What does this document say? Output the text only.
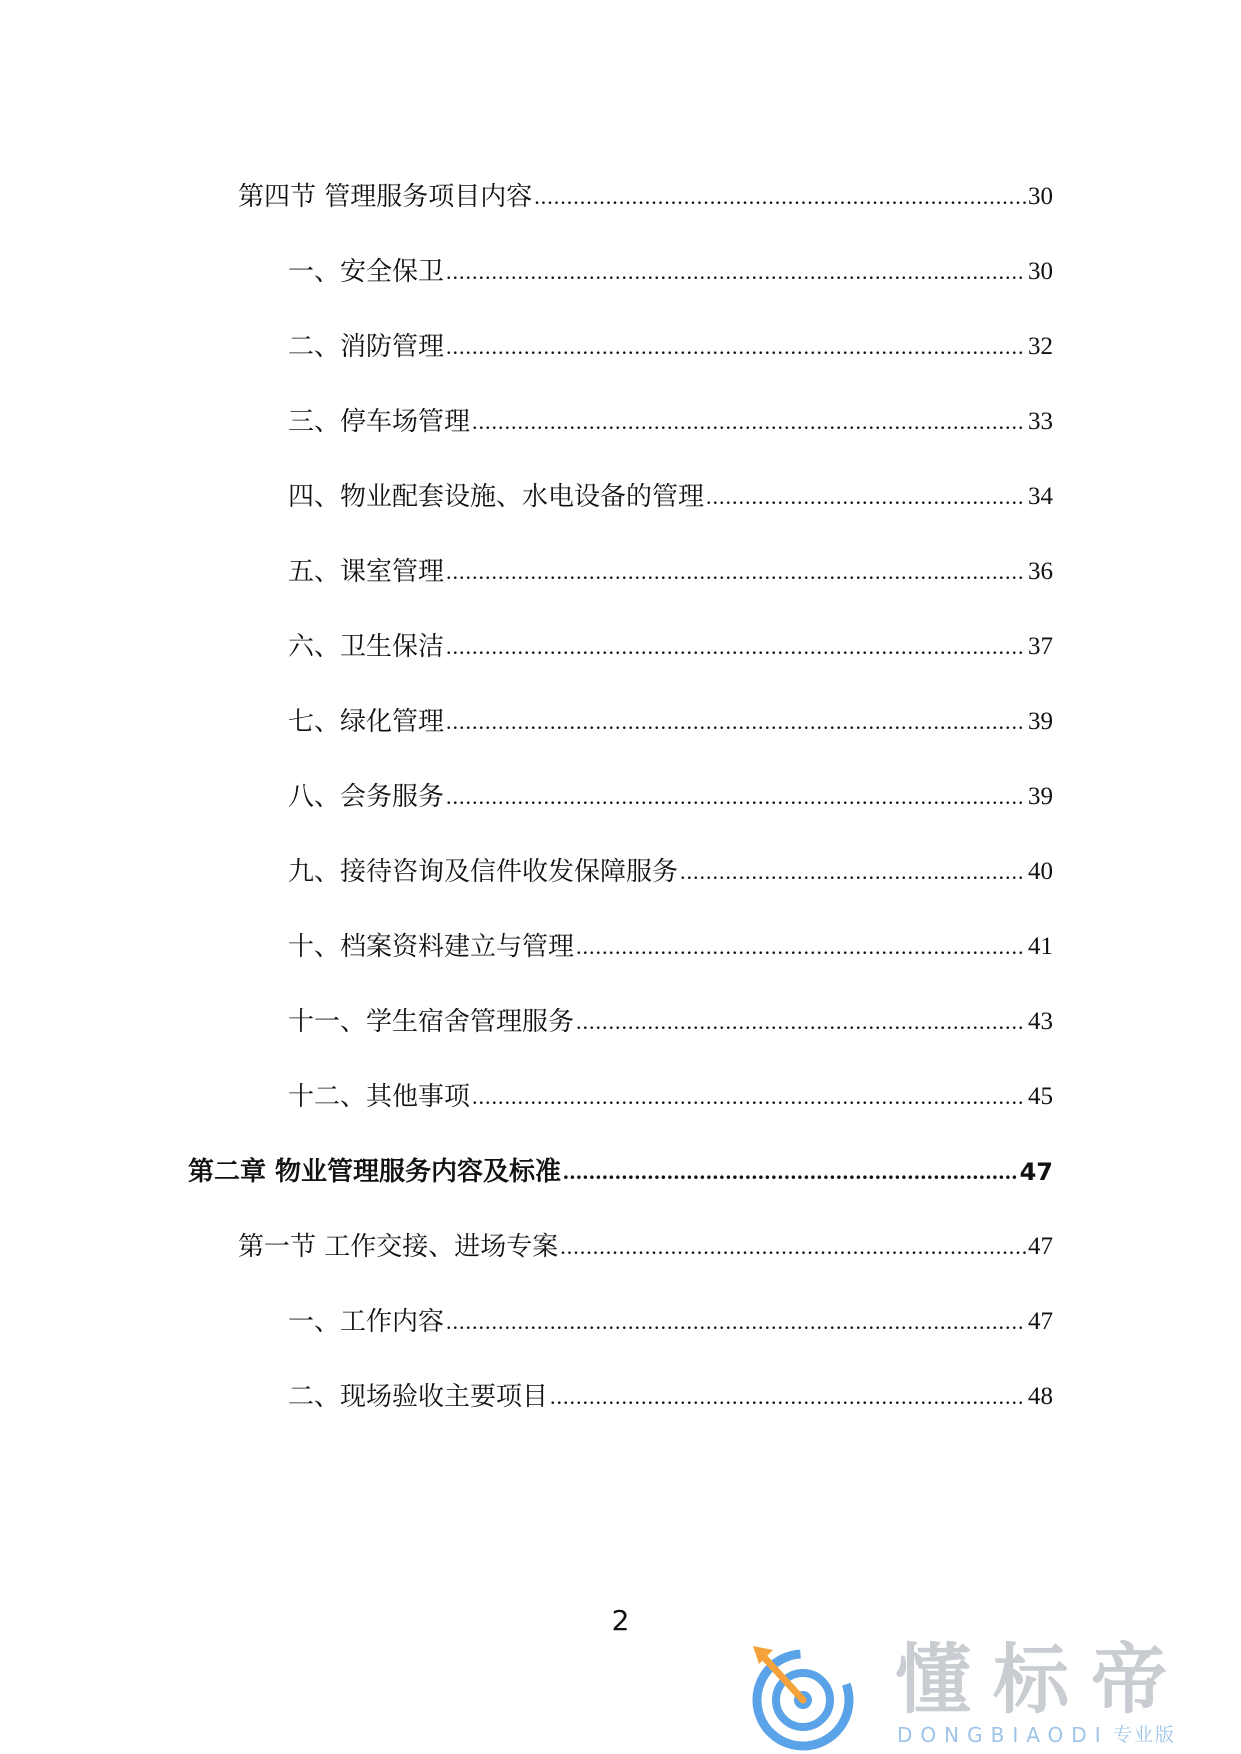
第四节 管理服务项目内容 .....	30
一、安全保卫 .....	30
二、消防管理 .....	32
三、停车场管理 .....	33
四、物业配套设施、水电设备的管理 .....	34
五、课室管理 .....	36
六、卫生保洁 .....	37
七、绿化管理 .....	39
八、会务服务 .....	39
九、接待咨询及信件收发保障服务 .....	40
十、档案资料建立与管理 .....	41
十一、学生宿舍管理服务 .....	43
十二、其他事项 .....	45
第二章 物业管理服务内容及标准 .....	47
第一节 工作交接、进场专案 .....	47
一、工作内容 .....	47
二、现场验收主要项目 .....	48
2
懂标帝
DONGBIAODI 专业版
